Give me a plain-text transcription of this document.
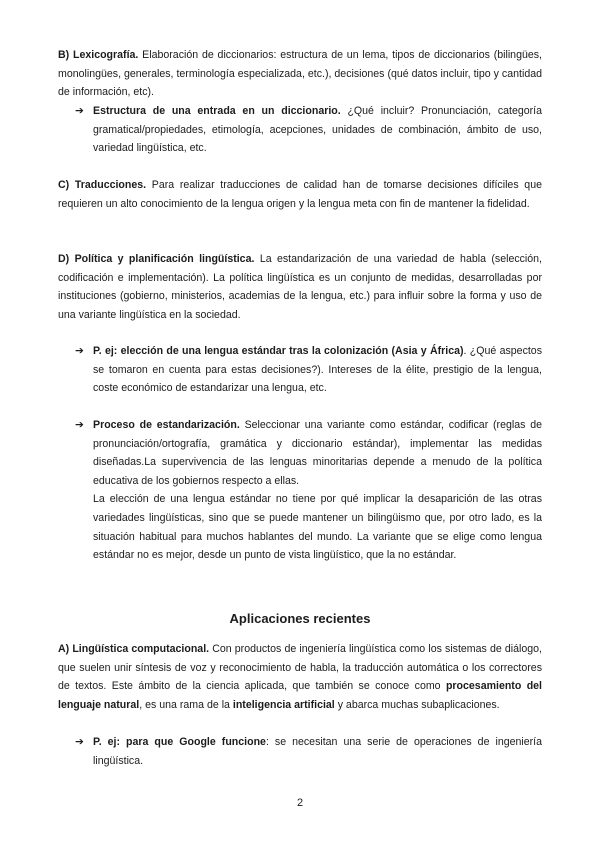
B) Lexicografía. Elaboración de diccionarios: estructura de un lema, tipos de diccionarios (bilingües, monolingües, generales, terminología especializada, etc.), decisiones (qué datos incluir, tipo y cantidad de información, etc).

➔ Estructura de una entrada en un diccionario. ¿Qué incluir? Pronunciación, categoría gramatical/propiedades, etimología, acepciones, unidades de combinación, ámbito de uso, variedad lingüística, etc.

C) Traducciones. Para realizar traducciones de calidad han de tomarse decisiones difíciles que requieren un alto conocimiento de la lengua origen y la lengua meta con fin de mantener la fidelidad.

D) Política y planificación lingüística. La estandarización de una variedad de habla (selección, codificación e implementación). La política lingüística es un conjunto de medidas, desarrolladas por instituciones (gobierno, ministerios, academias de la lengua, etc.) para influir sobre la forma y uso de una variante lingüística en la sociedad.

➔ P. ej: elección de una lengua estándar tras la colonización (Asia y África). ¿Qué aspectos se tomaron en cuenta para estas decisiones?). Intereses de la élite, prestigio de la lengua, coste económico de estandarizar una lengua, etc.

➔ Proceso de estandarización. Seleccionar una variante como estándar, codificar (reglas de pronunciación/ortografía, gramática y diccionario estándar), implementar las medidas diseñadas.La supervivencia de las lenguas minoritarias depende a menudo de la política educativa de los gobiernos respecto a ellas.

La elección de una lengua estándar no tiene por qué implicar la desaparición de las otras variedades lingüísticas, sino que se puede mantener un bilingüismo que, por otro lado, es la situación habitual para muchos hablantes del mundo. La variante que se elige como lengua estándar no es mejor, desde un punto de vista lingüístico, que la no estándar.

Aplicaciones recientes

A) Lingüística computacional. Con productos de ingeniería lingüística como los sistemas de diálogo, que suelen unir síntesis de voz y reconocimiento de habla, la traducción automática o los correctores de textos. Este ámbito de la ciencia aplicada, que también se conoce como procesamiento del lenguaje natural, es una rama de la inteligencia artificial y abarca muchas subaplicaciones.

➔ P. ej: para que Google funcione: se necesitan una serie de operaciones de ingeniería lingüística.

2
